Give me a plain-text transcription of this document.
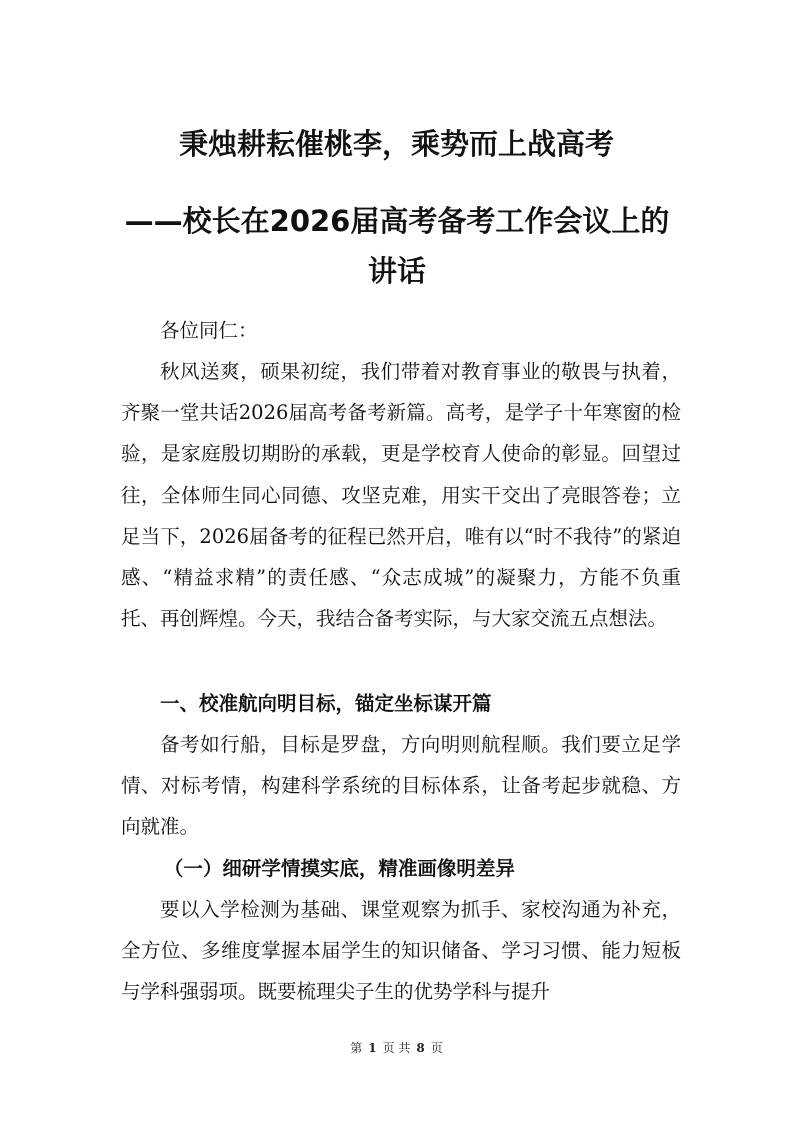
秉烛耕耘催桃李，乘势而上战高考
——校长在2026届高考备考工作会议上的讲话

各位同仁：

秋风送爽，硕果初绽，我们带着对教育事业的敬畏与执着，齐聚一堂共话2026届高考备考新篇。高考，是学子十年寒窗的检验，是家庭殷切期盼的承载，更是学校育人使命的彰显。回望过往，全体师生同心同德、攻坚克难，用实干交出了亮眼答卷；立足当下，2026届备考的征程已然开启，唯有以“时不我待”的紧迫感、“精益求精”的责任感、“众志成城”的凝聚力，方能不负重托、再创辉煌。今天，我结合备考实际，与大家交流五点想法。

一、校准航向明目标，锚定坐标谋开篇

备考如行船，目标是罗盘，方向明则航程顺。我们要立足学情、对标考情，构建科学系统的目标体系，让备考起步就稳、方向就准。

（一）细研学情摸实底，精准画像明差异

要以入学检测为基础、课堂观察为抓手、家校沟通为补充，全方位、多维度掌握本届学生的知识储备、学习习惯、能力短板与学科强弱项。既要梳理尖子生的优势学科与提升

第 1 页 共 8 页
